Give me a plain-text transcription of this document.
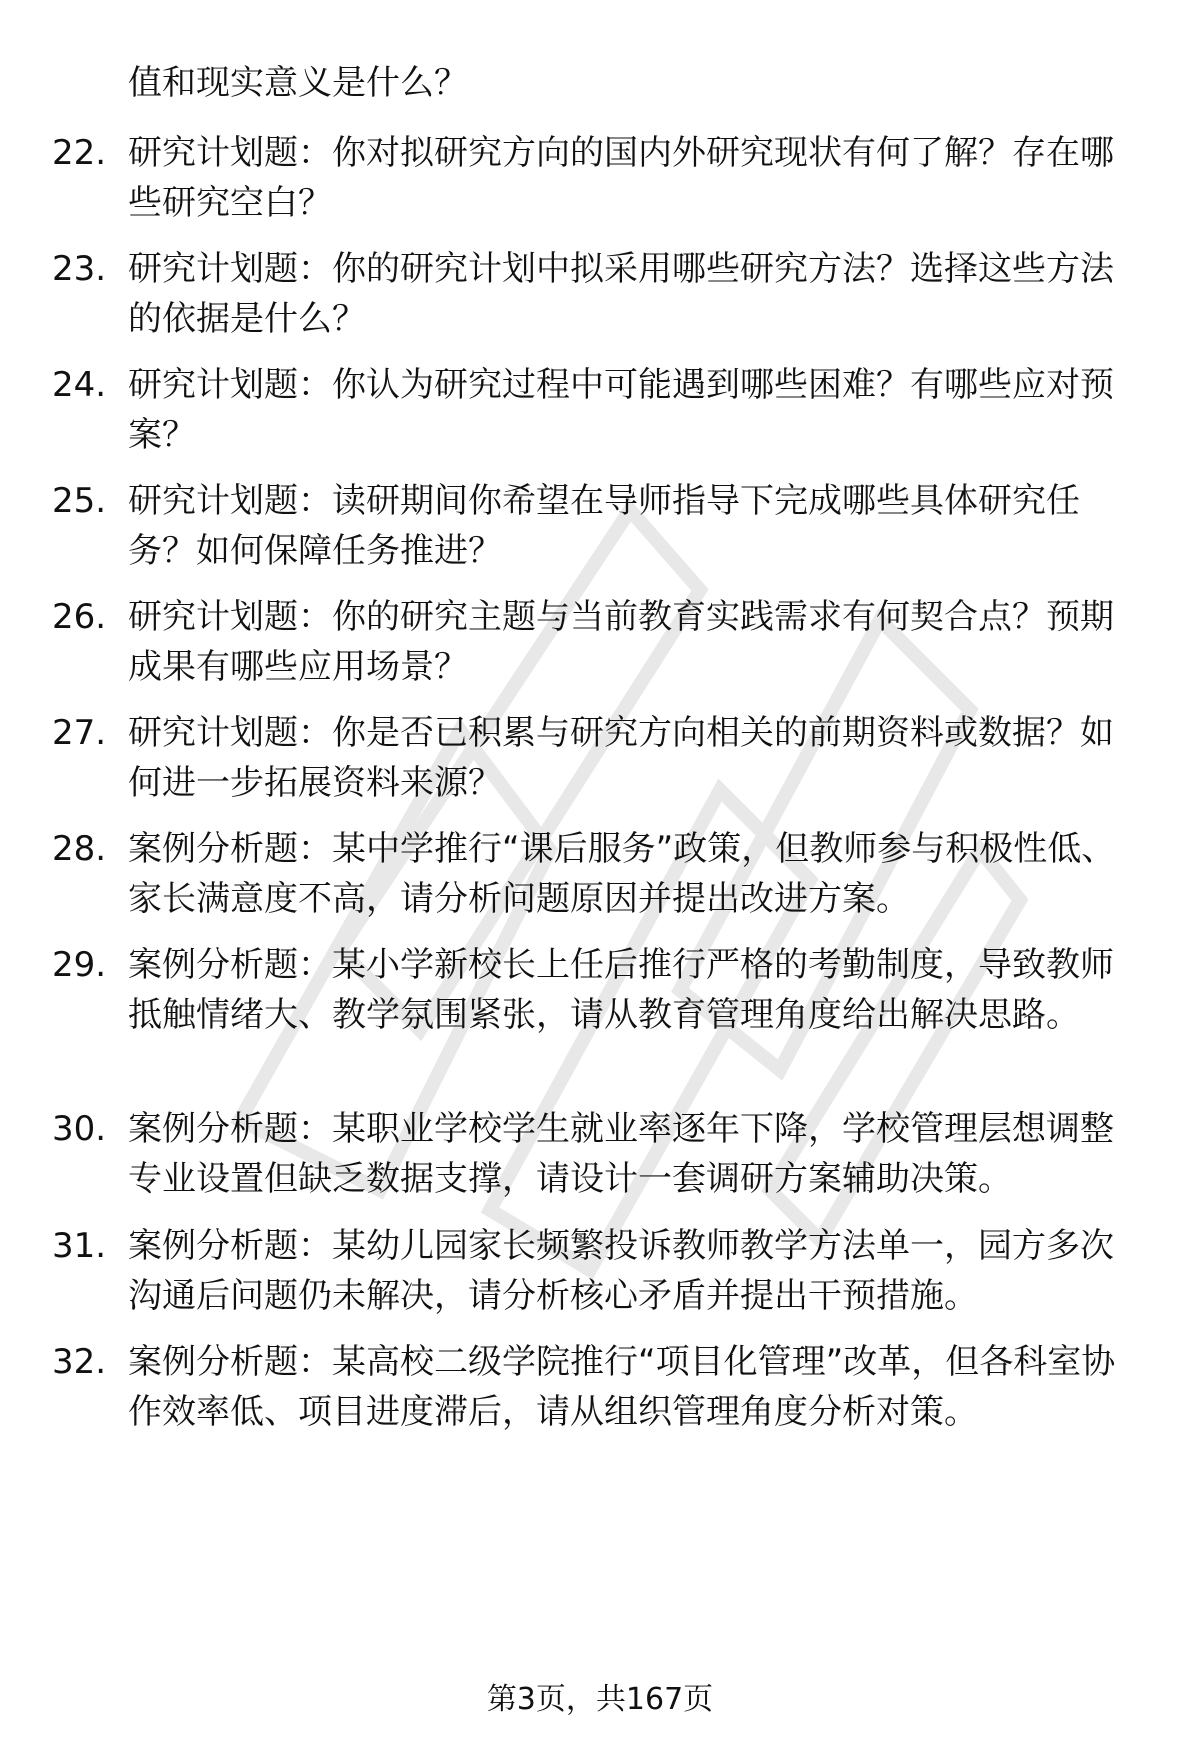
值和现实意义是什么？
22. 研究计划题：你对拟研究方向的国内外研究现状有何了解？存在哪些研究空白？
23. 研究计划题：你的研究计划中拟采用哪些研究方法？选择这些方法的依据是什么？
24. 研究计划题：你认为研究过程中可能遇到哪些困难？有哪些应对预案？
25. 研究计划题：读研期间你希望在导师指导下完成哪些具体研究任务？如何保障任务推进？
26. 研究计划题：你的研究主题与当前教育实践需求有何契合点？预期成果有哪些应用场景？
27. 研究计划题：你是否已积累与研究方向相关的前期资料或数据？如何进一步拓展资料来源？
28. 案例分析题：某中学推行“课后服务”政策，但教师参与积极性低、家长满意度不高，请分析问题原因并提出改进方案。
29. 案例分析题：某小学新校长上任后推行严格的考勤制度，导致教师抵触情绪大、教学氛围紧张，请从教育管理角度给出解决思路。
30. 案例分析题：某职业学校学生就业率逐年下降，学校管理层想调整专业设置但缺乏数据支撑，请设计一套调研方案辅助决策。
31. 案例分析题：某幼儿园家长频繁投诉教师教学方法单一，园方多次沟通后问题仍未解决，请分析核心矛盾并提出干预措施。
32. 案例分析题：某高校二级学院推行“项目化管理”改革，但各科室协作效率低、项目进度滞后，请从组织管理角度分析对策。
第3页，共167页
